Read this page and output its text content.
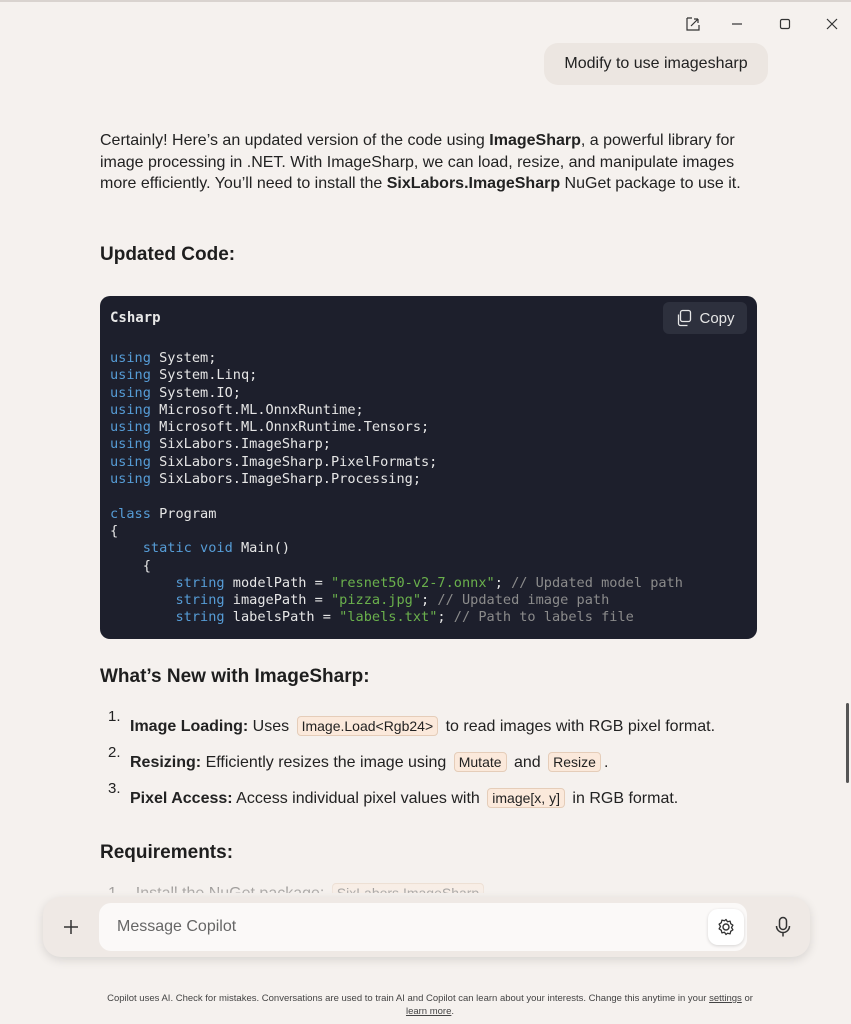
Modify to use imagesharp

Certainly! Here’s an updated version of the code using ImageSharp, a powerful library for image processing in .NET. With ImageSharp, we can load, resize, and manipulate images more efficiently. You’ll need to install the SixLabors.ImageSharp NuGet package to use it.

Updated Code:
Csharp	Copy
using System;
using System.Linq;
using System.IO;
using Microsoft.ML.OnnxRuntime;
using Microsoft.ML.OnnxRuntime.Tensors;
using SixLabors.ImageSharp;
using SixLabors.ImageSharp.PixelFormats;
using SixLabors.ImageSharp.Processing;

class Program
{
static void Main()
{
string modelPath = "resnet50-v2-7.onnx"; // Updated model path
string imagePath = "pizza.jpg"; // Updated image path
string labelsPath = "labels.txt"; // Path to labels file

What’s New with ImageSharp:
1.
Image Loading: Uses Image.Load<Rgb24> to read images with RGB pixel format.
2.
Resizing: Efficiently resizes the image using Mutate and Resize .
3.
Pixel Access: Access individual pixel values with image[x, y] in RGB format.
Requirements:
Message Copilot
Copilot uses AI. Check for mistakes. Conversations are used to train AI and Copilot can learn about your interests. Change this anytime in your settings or
learn more.
